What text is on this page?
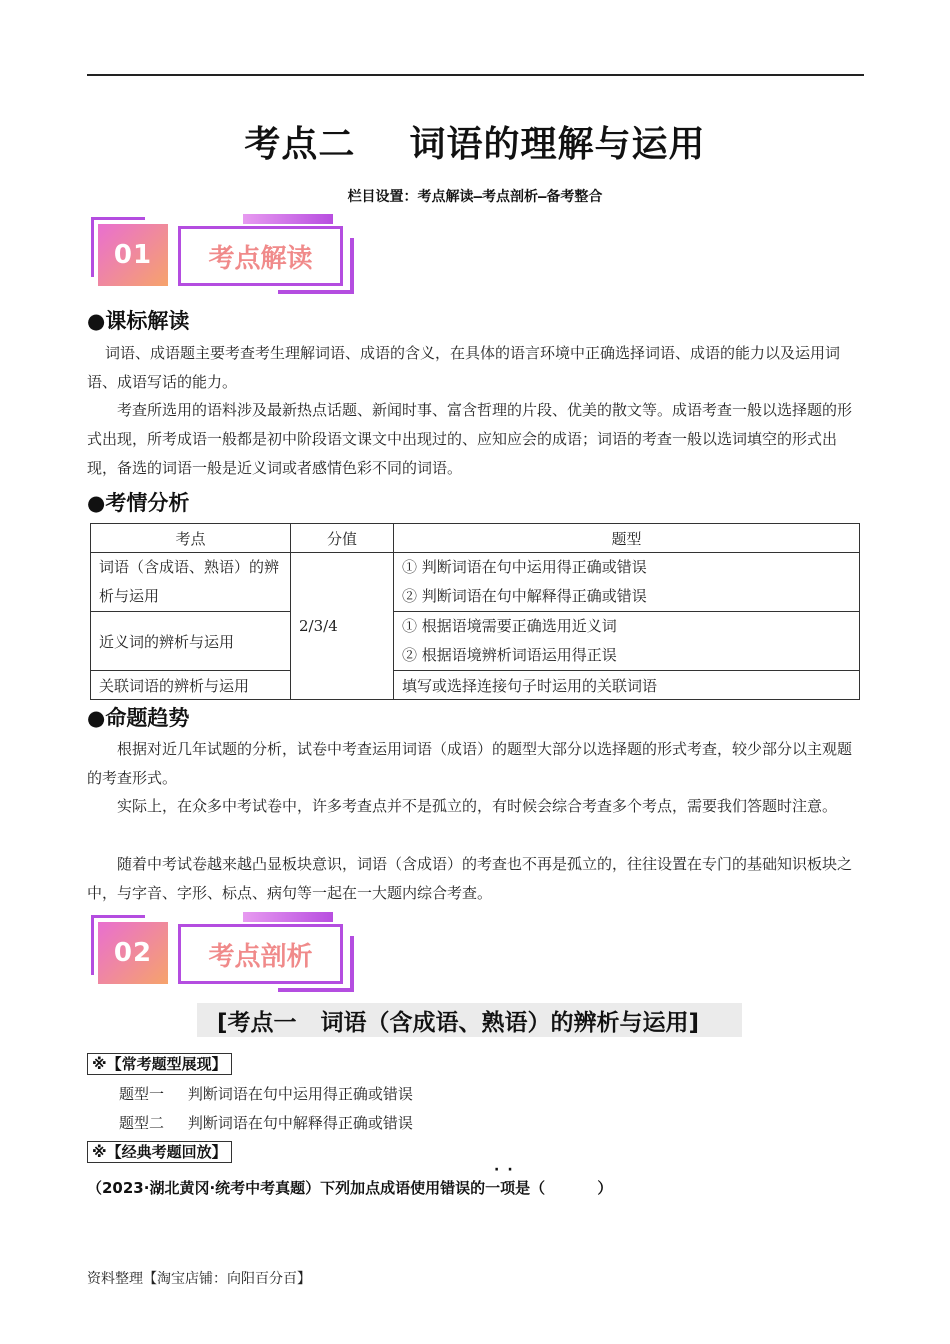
考点二    词语的理解与运用
栏目设置：考点解读—考点剖析—备考整合
01	考点解读
●课标解读
词语、成语题主要考查考生理解词语、成语的含义，在具体的语言环境中正确选择词语、成语的能力以及运用词语、成语写话的能力。
考查所选用的语料涉及最新热点话题、新闻时事、富含哲理的片段、优美的散文等。成语考查一般以选择题的形式出现，所考成语一般都是初中阶段语文课文中出现过的、应知应会的成语；词语的考查一般以选词填空的形式出现，备选的词语一般是近义词或者感情色彩不同的词语。
●考情分析
考点	分值	题型
词语（含成语、熟语）的辨析与运用	2/3/4	① 判断词语在句中运用得正确或错误
② 判断词语在句中解释得正确或错误

近义词的辨析与运用		① 根据语境需要正确选用近义词
② 根据语境辨析词语运用得正误

关联词语的辨析与运用		填写或选择连接句子时运用的关联词语
●命题趋势
根据对近几年试题的分析，试卷中考查运用词语（成语）的题型大部分以选择题的形式考查，较少部分以主观题的考查形式。
实际上，在众多中考试卷中，许多考查点并不是孤立的，有时候会综合考查多个考点，需要我们答题时注意。
随着中考试卷越来越凸显板块意识，词语（含成语）的考查也不再是孤立的，往往设置在专门的基础知识板块之中，与字音、字形、标点、病句等一起在一大题内综合考查。
02	考点剖析
[考点一   词语（含成语、熟语）的辨析与运用]
※【常考题型展现】
题型一     判断词语在句中运用得正确或错误
题型二     判断词语在句中解释得正确或错误
※【经典考题回放】
··
（2023·湖北黄冈·统考中考真题）下列加点成语使用错误的一项是（          ）
资料整理【淘宝店铺：向阳百分百】
